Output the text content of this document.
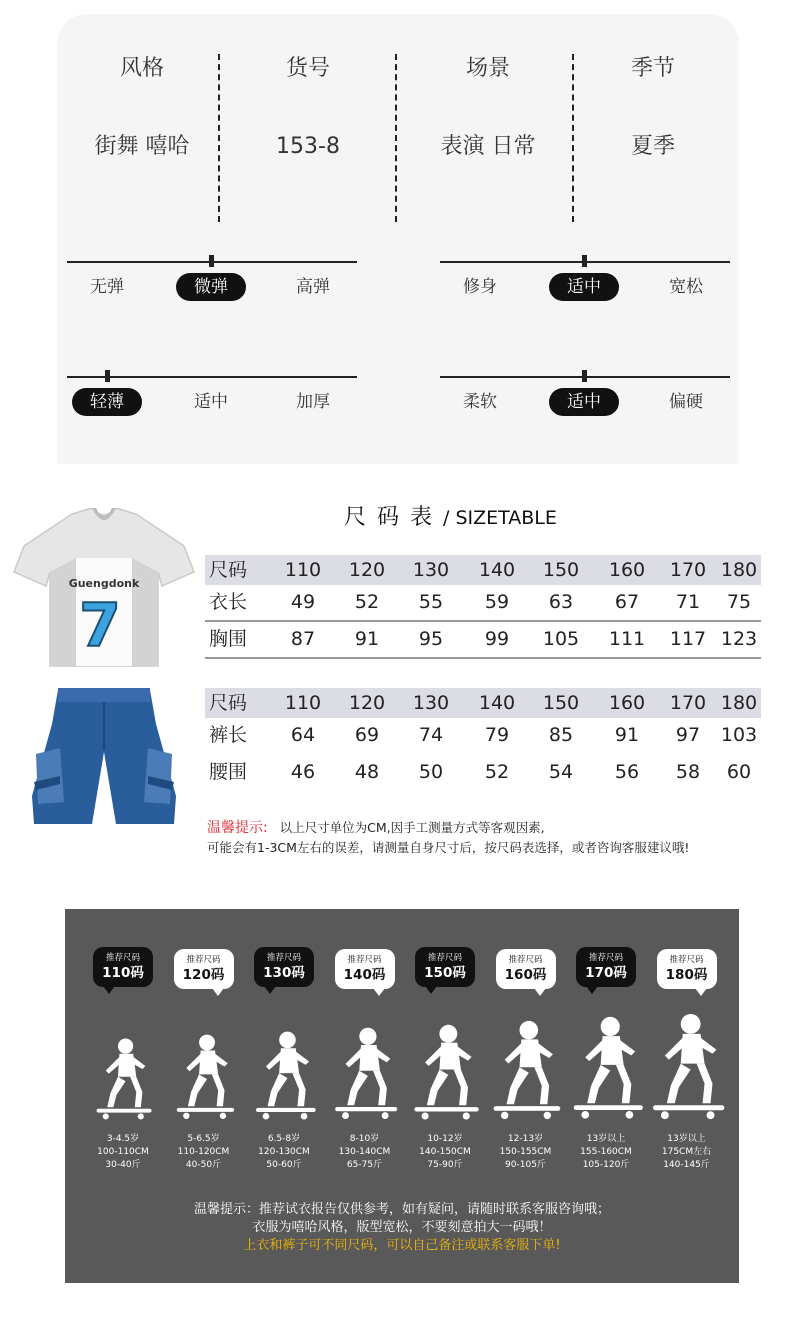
风格
街舞 嘻哈
货号
153-8
场景
表演 日常
季节
夏季
无弹	微弹	高弹	修身	适中	宽松
轻薄	适中	加厚	柔软	适中	偏硬
尺 码 表 / SIZETABLE
Guengdonk
7
尺码	110	120	130	140	150	160	170 180
衣长	49	52	55	59	63	67	71	75
胸围	87	91	95	99	105	111	117 123
尺码	110	120	130	140	150	160	170 180
裤长	64	69	74	79	85	91	97	103
腰围	46	48	50	52	54	56	58	60
温馨提示: 以上尺寸单位为CM,因手工测量方式等客观因素,
可能会有1-3CM左右的误差，请测量自身尺寸后，按尺码表选择，或者咨询客服建议哦!
温馨提示：推荐试衣报告仅供参考，如有疑问，请随时联系客服咨询哦；
衣服为嘻哈风格，版型宽松，不要刻意拍大一码哦！
上衣和裤子可不同尺码，可以自己备注或联系客服下单!
推荐尺码
110码
3-4.5岁
100-110CM
30-40斤
推荐尺码
120码
5-6.5岁
110-120CM
40-50斤
推荐尺码
130码
6.5-8岁
120-130CM
50-60斤
推荐尺码
140码
8-10岁
130-140CM
65-75斤
推荐尺码
150码
10-12岁
140-150CM
75-90斤
推荐尺码
160码
12-13岁
150-155CM
90-105斤
推荐尺码
170码
13岁以上
155-160CM
105-120斤
推荐尺码
180码
13岁以上
175CM左右
140-145斤
